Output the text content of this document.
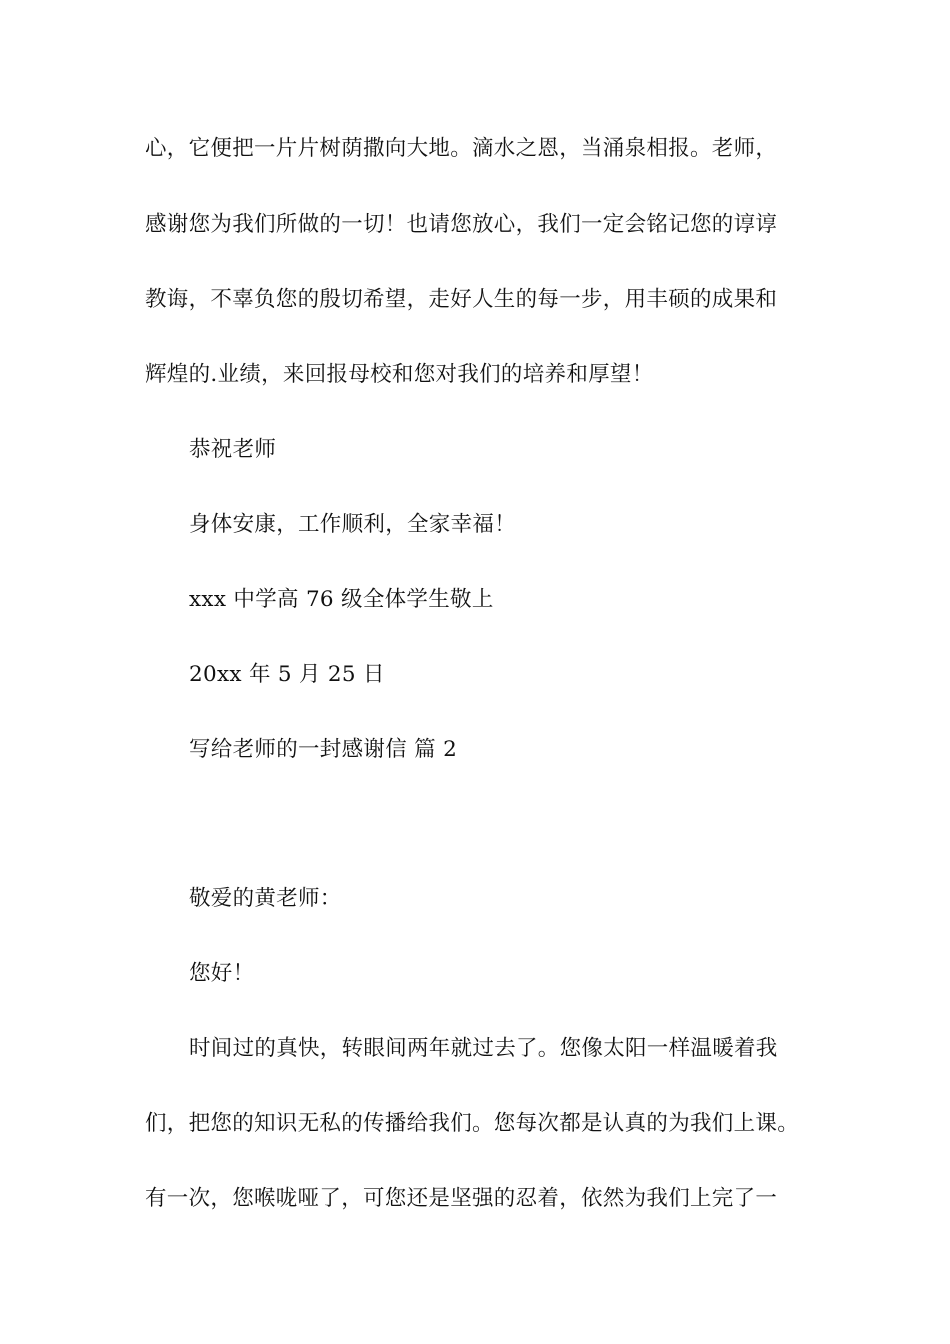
心，它便把一片片树荫撒向大地。滴水之恩，当涌泉相报。老师，
感谢您为我们所做的一切！也请您放心，我们一定会铭记您的谆谆
教诲，不辜负您的殷切希望，走好人生的每一步，用丰硕的成果和
辉煌的.业绩，来回报母校和您对我们的培养和厚望！
恭祝老师
身体安康，工作顺利，全家幸福！
xxx 中学高 76 级全体学生敬上
20xx 年 5 月 25 日
写给老师的一封感谢信 篇 2
敬爱的黄老师：
您好！
时间过的真快，转眼间两年就过去了。您像太阳一样温暖着我
们，把您的知识无私的传播给我们。您每次都是认真的为我们上课。
有一次，您喉咙哑了，可您还是坚强的忍着，依然为我们上完了一
